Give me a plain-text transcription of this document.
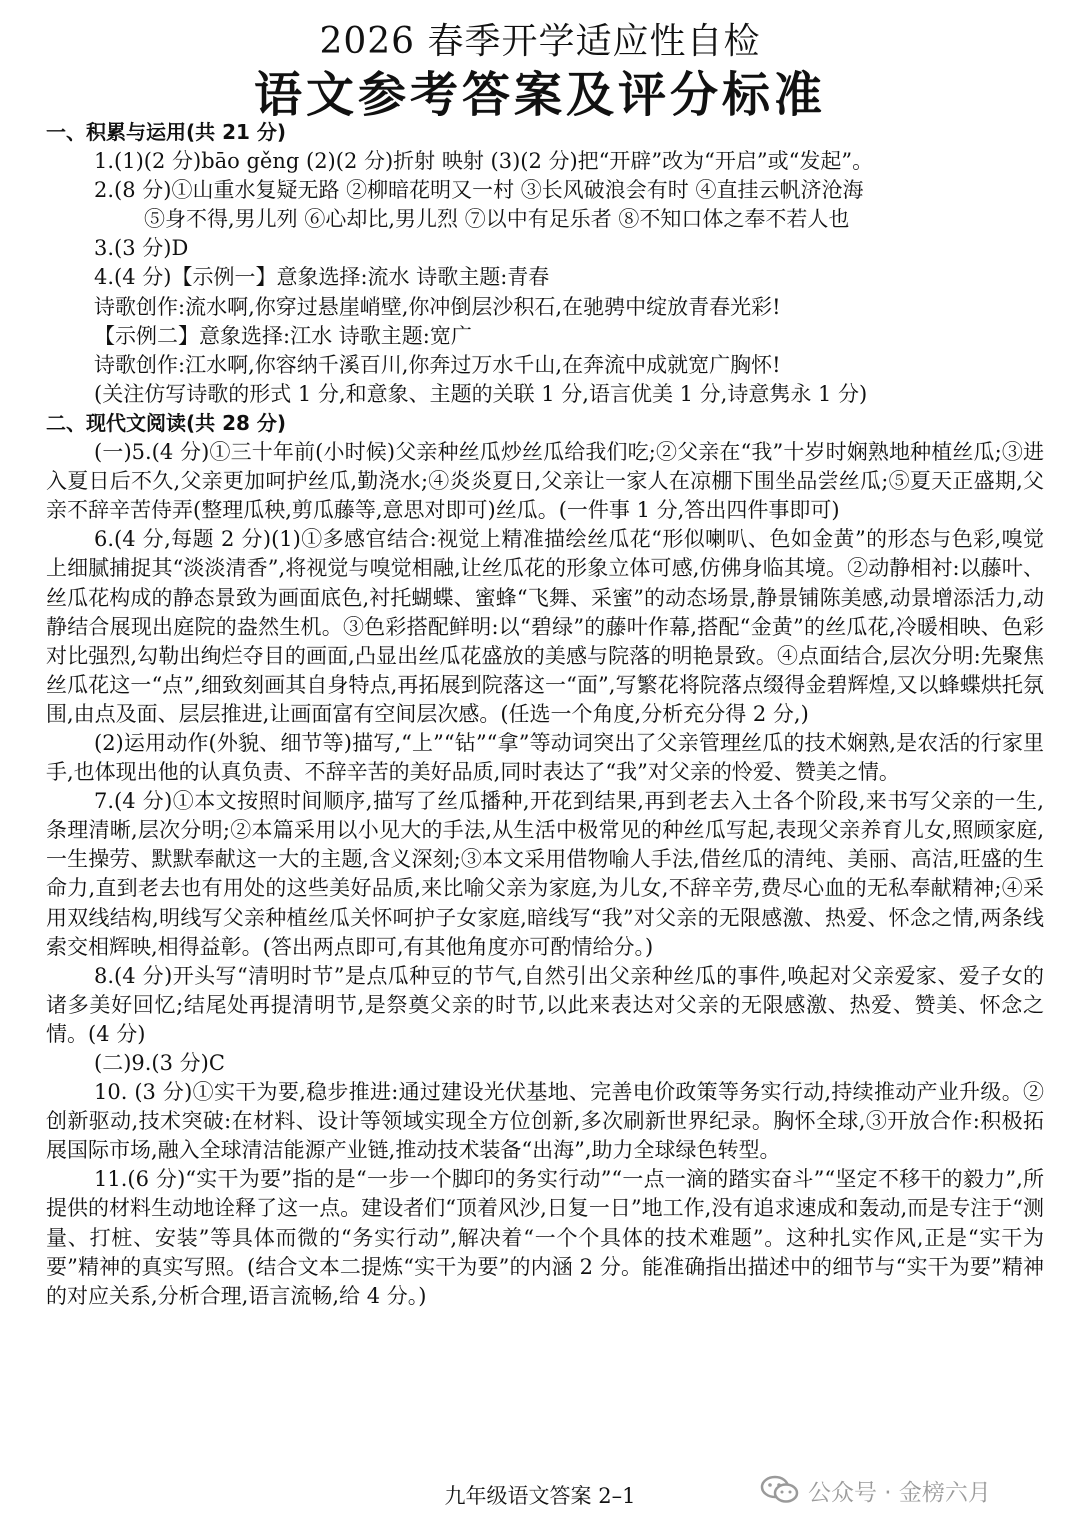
2026 春季开学适应性自检
语文参考答案及评分标准

一、积累与运用(共 21 分)

1.(1)(2 分)bāo gěng (2)(2 分)折射 映射 (3)(2 分)把“开辟”改为“开启”或“发起”。

2.(8 分)①山重水复疑无路 ②柳暗花明又一村 ③长风破浪会有时 ④直挂云帆济沧海

⑤身不得,男儿列 ⑥心却比,男儿烈 ⑦以中有足乐者 ⑧不知口体之奉不若人也

3.(3 分)D

4.(4 分)【示例一】意象选择:流水 诗歌主题:青春

诗歌创作:流水啊,你穿过悬崖峭壁,你冲倒层沙积石,在驰骋中绽放青春光彩!

【示例二】意象选择:江水 诗歌主题:宽广

诗歌创作:江水啊,你容纳千溪百川,你奔过万水千山,在奔流中成就宽广胸怀!

(关注仿写诗歌的形式 1 分,和意象、主题的关联 1 分,语言优美 1 分,诗意隽永 1 分)

二、现代文阅读(共 28 分)

(一)5.(4 分)①三十年前(小时候)父亲种丝瓜炒丝瓜给我们吃;②父亲在“我”十岁时娴熟地种植丝瓜;③进入夏日后不久,父亲更加呵护丝瓜,勤浇水;④炎炎夏日,父亲让一家人在凉棚下围坐品尝丝瓜;⑤夏天正盛期,父亲不辞辛苦侍弄(整理瓜秧,剪瓜藤等,意思对即可)丝瓜。(一件事 1 分,答出四件事即可)

6.(4 分,每题 2 分)(1)①多感官结合:视觉上精准描绘丝瓜花“形似喇叭、色如金黄”的形态与色彩,嗅觉上细腻捕捉其“淡淡清香”,将视觉与嗅觉相融,让丝瓜花的形象立体可感,仿佛身临其境。②动静相衬:以藤叶、丝瓜花构成的静态景致为画面底色,衬托蝴蝶、蜜蜂“飞舞、采蜜”的动态场景,静景铺陈美感,动景增添活力,动静结合展现出庭院的盎然生机。③色彩搭配鲜明:以“碧绿”的藤叶作幕,搭配“金黄”的丝瓜花,冷暖相映、色彩对比强烈,勾勒出绚烂夺目的画面,凸显出丝瓜花盛放的美感与院落的明艳景致。④点面结合,层次分明:先聚焦丝瓜花这一“点”,细致刻画其自身特点,再拓展到院落这一“面”,写繁花将院落点缀得金碧辉煌,又以蜂蝶烘托氛围,由点及面、层层推进,让画面富有空间层次感。(任选一个角度,分析充分得 2 分,)

(2)运用动作(外貌、细节等)描写,“上”“钻”“拿”等动词突出了父亲管理丝瓜的技术娴熟,是农活的行家里手,也体现出他的认真负责、不辞辛苦的美好品质,同时表达了“我”对父亲的怜爱、赞美之情。

7.(4 分)①本文按照时间顺序,描写了丝瓜播种,开花到结果,再到老去入土各个阶段,来书写父亲的一生,条理清晰,层次分明;②本篇采用以小见大的手法,从生活中极常见的种丝瓜写起,表现父亲养育儿女,照顾家庭,一生操劳、默默奉献这一大的主题,含义深刻;③本文采用借物喻人手法,借丝瓜的清纯、美丽、高洁,旺盛的生命力,直到老去也有用处的这些美好品质,来比喻父亲为家庭,为儿女,不辞辛劳,费尽心血的无私奉献精神;④采用双线结构,明线写父亲种植丝瓜关怀呵护子女家庭,暗线写“我”对父亲的无限感激、热爱、怀念之情,两条线索交相辉映,相得益彰。(答出两点即可,有其他角度亦可酌情给分。)

8.(4 分)开头写“清明时节”是点瓜种豆的节气,自然引出父亲种丝瓜的事件,唤起对父亲爱家、爱子女的诸多美好回忆;结尾处再提清明节,是祭奠父亲的时节,以此来表达对父亲的无限感激、热爱、赞美、怀念之情。(4 分)

(二)9.(3 分)C

10. (3 分)①实干为要,稳步推进:通过建设光伏基地、完善电价政策等务实行动,持续推动产业升级。②创新驱动,技术突破:在材料、设计等领域实现全方位创新,多次刷新世界纪录。胸怀全球,③开放合作:积极拓展国际市场,融入全球清洁能源产业链,推动技术装备“出海”,助力全球绿色转型。

11.(6 分)“实干为要”指的是“一步一个脚印的务实行动”“一点一滴的踏实奋斗”“坚定不移干的毅力”,所提供的材料生动地诠释了这一点。建设者们“顶着风沙,日复一日”地工作,没有追求速成和轰动,而是专注于“测量、打桩、安装”等具体而微的“务实行动”,解决着“一个个具体的技术难题”。这种扎实作风,正是“实干为要”精神的真实写照。(结合文本二提炼“实干为要”的内涵 2 分。能准确指出描述中的细节与“实干为要”精神的对应关系,分析合理,语言流畅,给 4 分。)

九年级语文答案 2–1	公众号 · 金榜六月
